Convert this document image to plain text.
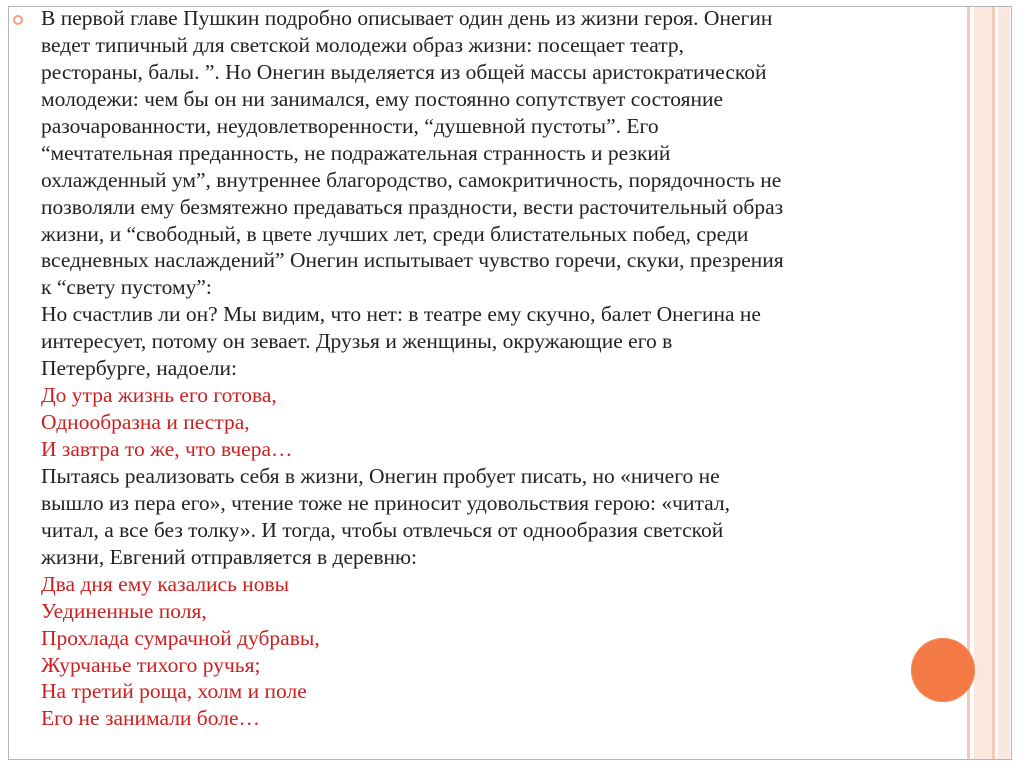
В первой главе Пушкин подробно описывает один день из жизни героя. Онегин
ведет типичный для светской молодежи образ жизни: посещает театр,
рестораны, балы. ”. Но Онегин выделяется из общей массы аристократической
молодежи: чем бы он ни занимался, ему постоянно сопутствует состояние
разочарованности, неудовлетворенности, “душевной пустоты”. Его
“мечтательная преданность, не подражательная странность и резкий
охлажденный ум”, внутреннее благородство, самокритичность, порядочность не
позволяли ему безмятежно предаваться праздности, вести расточительный образ
жизни, и “свободный, в цвете лучших лет, среди блистательных побед, среди
вседневных наслаждений” Онегин испытывает чувство горечи, скуки, презрения
к “свету пустому”:
Но счастлив ли он? Мы видим, что нет: в театре ему скучно, балет Онегина не
интересует, потому он зевает. Друзья и женщины, окружающие его в
Петербурге, надоели:
До утра жизнь его готова,
Однообразна и пестра,
И завтра то же, что вчера…
Пытаясь реализовать себя в жизни, Онегин пробует писать, но «ничего не
вышло из пера его», чтение тоже не приносит удовольствия герою: «читал,
читал, а все без толку». И тогда, чтобы отвлечься от однообразия светской
жизни, Евгений отправляется в деревню:
Два дня ему казались новы
Уединенные поля,
Прохлада сумрачной дубравы,
Журчанье тихого ручья;
На третий роща, холм и поле
Его не занимали боле…
